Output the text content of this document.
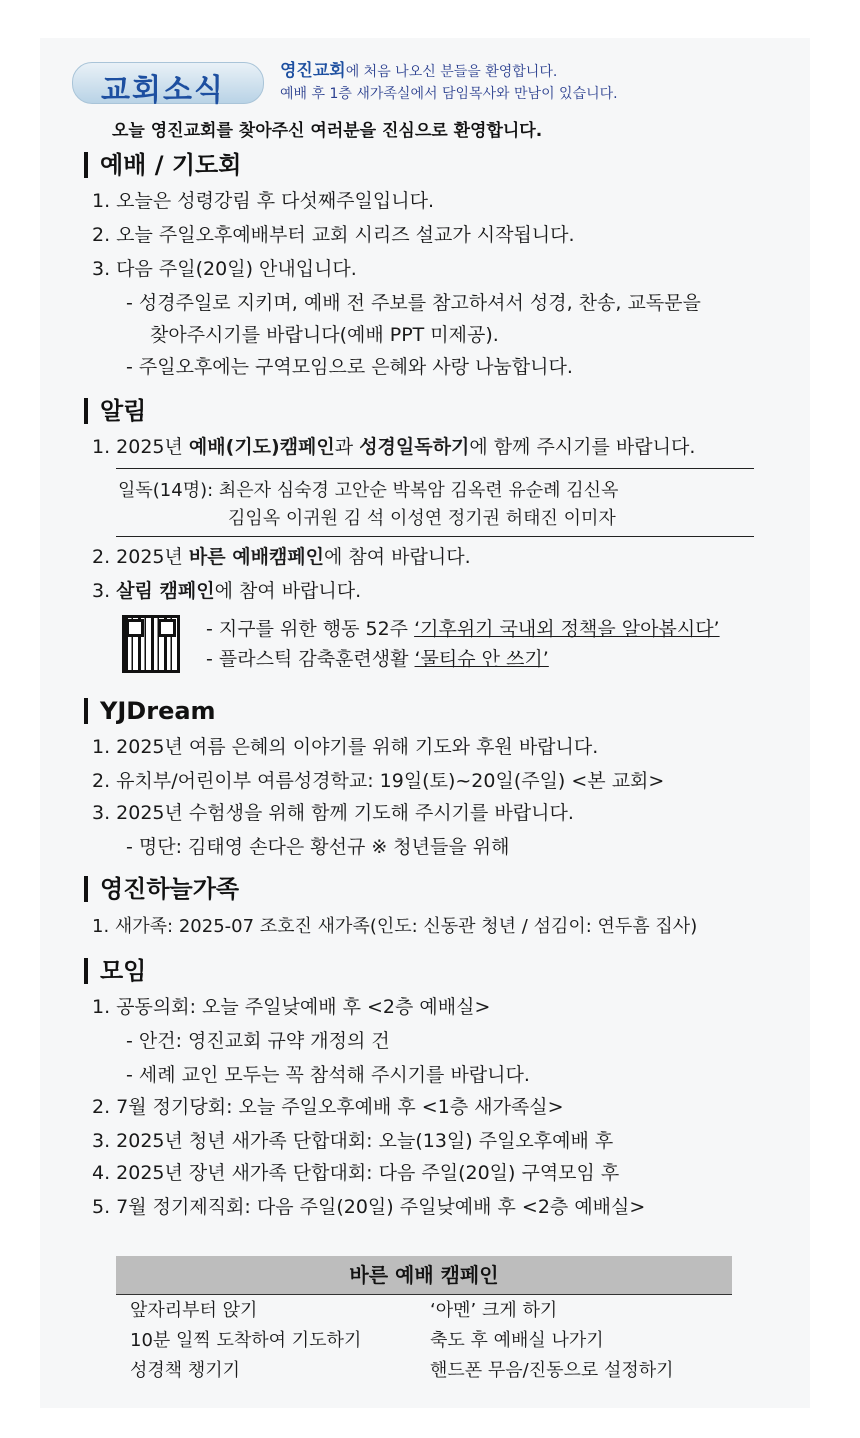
교회소식
영진교회에 처음 나오신 분들을 환영합니다.
예배 후 1층 새가족실에서 담임목사와 만남이 있습니다.
오늘 영진교회를 찾아주신 여러분을 진심으로 환영합니다.
예배 / 기도회
1. 오늘은 성령강림 후 다섯째주일입니다.
2. 오늘 주일오후예배부터 교회 시리즈 설교가 시작됩니다.
3. 다음 주일(20일) 안내입니다.
- 성경주일로 지키며, 예배 전 주보를 참고하셔서 성경, 찬송, 교독문을
찾아주시기를 바랍니다(예배 PPT 미제공).
- 주일오후에는 구역모임으로 은혜와 사랑 나눔합니다.
알림
1. 2025년 예배(기도)캠페인과 성경일독하기에 함께 주시기를 바랍니다.
일독(14명): 최은자 심숙경 고안순 박복암 김옥련 유순례 김신옥
김임옥 이귀원 김 석 이성연 정기권 허태진 이미자
2. 2025년 바른 예배캠페인에 참여 바랍니다.
3. 살림 캠페인에 참여 바랍니다.
- 지구를 위한 행동 52주 ‘기후위기 국내외 정책을 알아봅시다’
- 플라스틱 감축훈련생활 ‘물티슈 안 쓰기’
YJDream
1. 2025년 여름 은혜의 이야기를 위해 기도와 후원 바랍니다.
2. 유치부/어린이부 여름성경학교: 19일(토)~20일(주일) <본 교회>
3. 2025년 수험생을 위해 함께 기도해 주시기를 바랍니다.
- 명단: 김태영 손다은 황선규 ※ 청년들을 위해
영진하늘가족
1. 새가족: 2025-07 조호진 새가족(인도: 신동관 청년 / 섬김이: 연두흠 집사)
모임
1. 공동의회: 오늘 주일낮예배 후 <2층 예배실>
- 안건: 영진교회 규약 개정의 건
- 세례 교인 모두는 꼭 참석해 주시기를 바랍니다.
2. 7월 정기당회: 오늘 주일오후예배 후 <1층 새가족실>
3. 2025년 청년 새가족 단합대회: 오늘(13일) 주일오후예배 후
4. 2025년 장년 새가족 단합대회: 다음 주일(20일) 구역모임 후
5. 7월 정기제직회: 다음 주일(20일) 주일낮예배 후 <2층 예배실>
바른 예배 캠페인
앞자리부터 앉기
10분 일찍 도착하여 기도하기
성경책 챙기기
‘아멘’ 크게 하기
축도 후 예배실 나가기
핸드폰 무음/진동으로 설정하기
